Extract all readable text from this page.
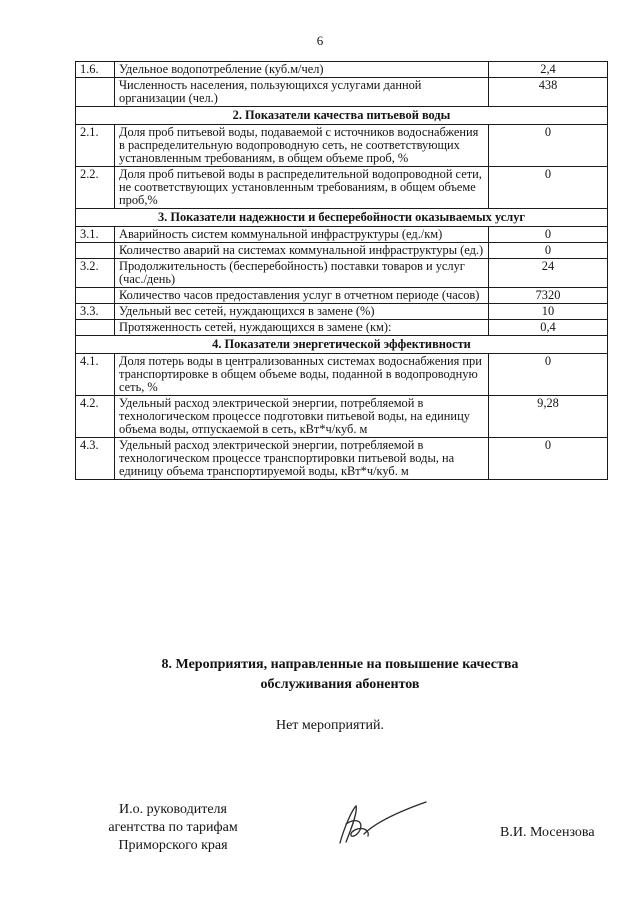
6
1.6.	Удельное водопотребление (куб.м/чел)	2,4
	Численность населения, пользующихся услугами данной организации (чел.)	438
2. Показатели качества питьевой воды		
2.1.	Доля проб питьевой воды, подаваемой с источников водоснабжения в распределительную водопроводную сеть, не соответствующих установленным требованиям, в общем объеме проб, %	0
2.2.	Доля проб питьевой воды в распределительной водопроводной сети, не соответствующих установленным требованиям, в общем объеме проб,%	0
3. Показатели надежности и бесперебойности оказываемых услуг		
3.1.	Аварийность систем коммунальной инфраструктуры (ед./км)	0
	Количество аварий на системах коммунальной инфраструктуры (ед.)	0
3.2.	Продолжительность (бесперебойность) поставки товаров и услуг (час./день)	24
	Количество часов предоставления услуг в отчетном периоде (часов)	7320
3.3.	Удельный вес сетей, нуждающихся в замене (%)	10
	Протяженность сетей, нуждающихся в замене (км):	0,4
4. Показатели энергетической эффективности		
4.1.	Доля потерь воды в централизованных системах водоснабжения при транспортировке в общем объеме воды, поданной в водопроводную сеть, %	0
4.2.	Удельный расход электрической энергии, потребляемой в технологическом процессе подготовки питьевой воды, на единицу объема воды, отпускаемой в сеть, кВт*ч/куб. м	9,28
4.3.	Удельный расход электрической энергии, потребляемой в технологическом процессе транспортировки питьевой воды, на единицу объема транспортируемой воды, кВт*ч/куб. м	0
8. Мероприятия, направленные на повышение качества
обслуживания абонентов
Нет мероприятий.
И.о. руководителя
агентства по тарифам
Приморского края
В.И. Мосензова
